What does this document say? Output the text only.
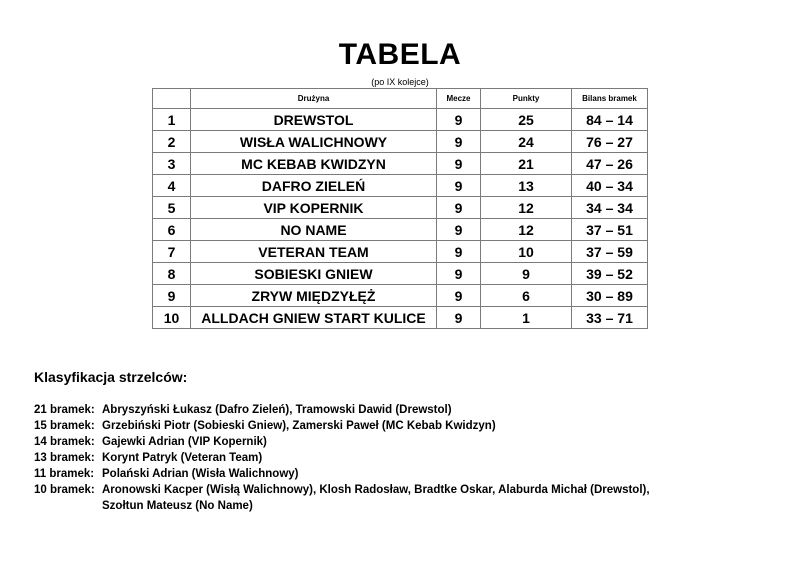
TABELA
(po IX kolejce)
	Drużyna	Mecze	Punkty	Bilans bramek
1	DREWSTOL	9	25	84 – 14
2	WISŁA WALICHNOWY	9	24	76 – 27
3	MC KEBAB KWIDZYN	9	21	47 – 26
4	DAFRO ZIELEŃ	9	13	40 – 34
5	VIP KOPERNIK	9	12	34 – 34
6	NO NAME	9	12	37 – 51
7	VETERAN TEAM	9	10	37 – 59
8	SOBIESKI GNIEW	9	9	39 – 52
9	ZRYW MIĘDZYŁĘŻ	9	6	30 – 89
10	ALLDACH GNIEW START KULICE	9	1	33 – 71
Klasyfikacja strzelców:
21 bramek: Abryszyński Łukasz (Dafro Zieleń), Tramowski Dawid (Drewstol)
15 bramek: Grzebiński Piotr (Sobieski Gniew), Zamerski Paweł (MC Kebab Kwidzyn)
14 bramek: Gajewki Adrian (VIP Kopernik)
13 bramek: Korynt Patryk (Veteran Team)
11 bramek: Polański Adrian (Wisła Walichnowy)
10 bramek: Aronowski Kacper (Wisłą Walichnowy), Klosh Radosław, Bradtke Oskar, Alaburda Michał (Drewstol),
Szołtun Mateusz (No Name)
